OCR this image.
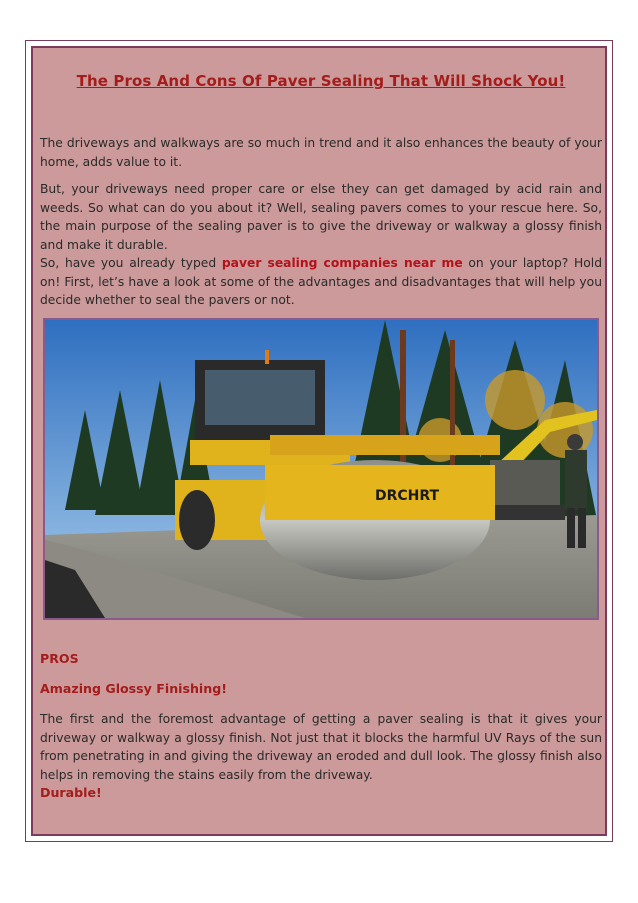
The Pros And Cons Of Paver Sealing That Will Shock You!
The driveways and walkways are so much in trend and it also enhances the beauty of your home, adds value to it.
But, your driveways need proper care or else they can get damaged by acid rain and weeds. So what can do you about it? Well, sealing pavers comes to your rescue here. So, the main purpose of the sealing paver is to give the driveway or walkway a glossy finish and make it durable.
So, have you already typed paver sealing companies near me on your laptop? Hold on! First, let’s have a look at some of the advantages and disadvantages that will help you decide whether to seal the pavers or not.
DRCHRT
PROS
Amazing Glossy Finishing!
The first and the foremost advantage of getting a paver sealing is that it gives your driveway or walkway a glossy finish. Not just that it blocks the harmful UV Rays of the sun from penetrating in and giving the driveway an eroded and dull look. The glossy finish also helps in removing the stains easily from the driveway.
Durable!
